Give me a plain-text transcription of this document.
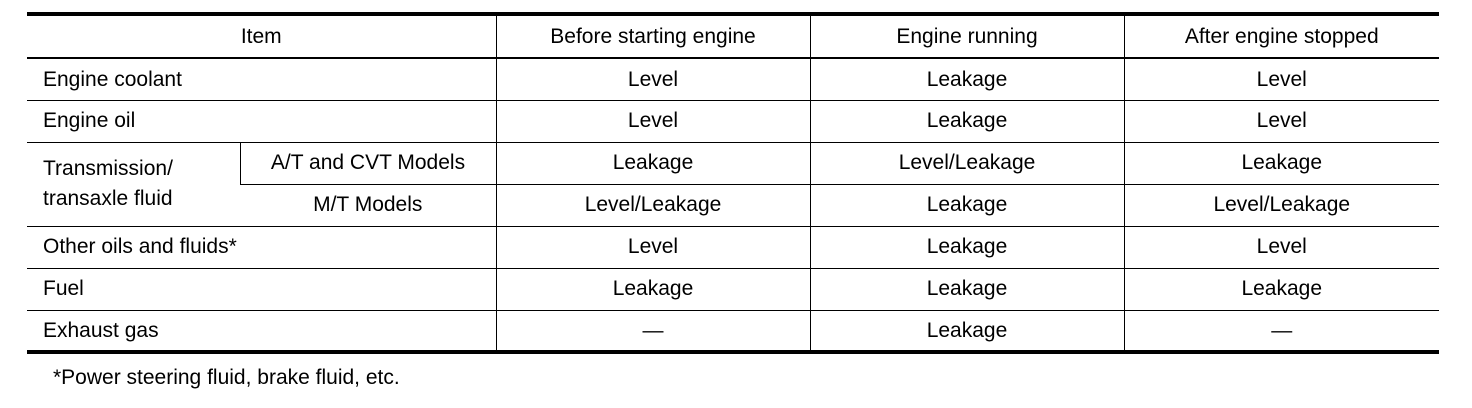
Item		Before starting engine	Engine running	After engine stopped
Engine coolant		Level	Leakage	Level
Engine oil		Level	Leakage	Level
Transmission/ transaxle fluid	A/T and CVT Models	Leakage	Level/Leakage	Leakage
	M/T Models	Level/Leakage	Leakage	Level/Leakage
Other oils and fluids*		Level	Leakage	Level
Fuel		Leakage	Leakage	Leakage
Exhaust gas		—	Leakage	—
*Power steering fluid, brake fluid, etc.
